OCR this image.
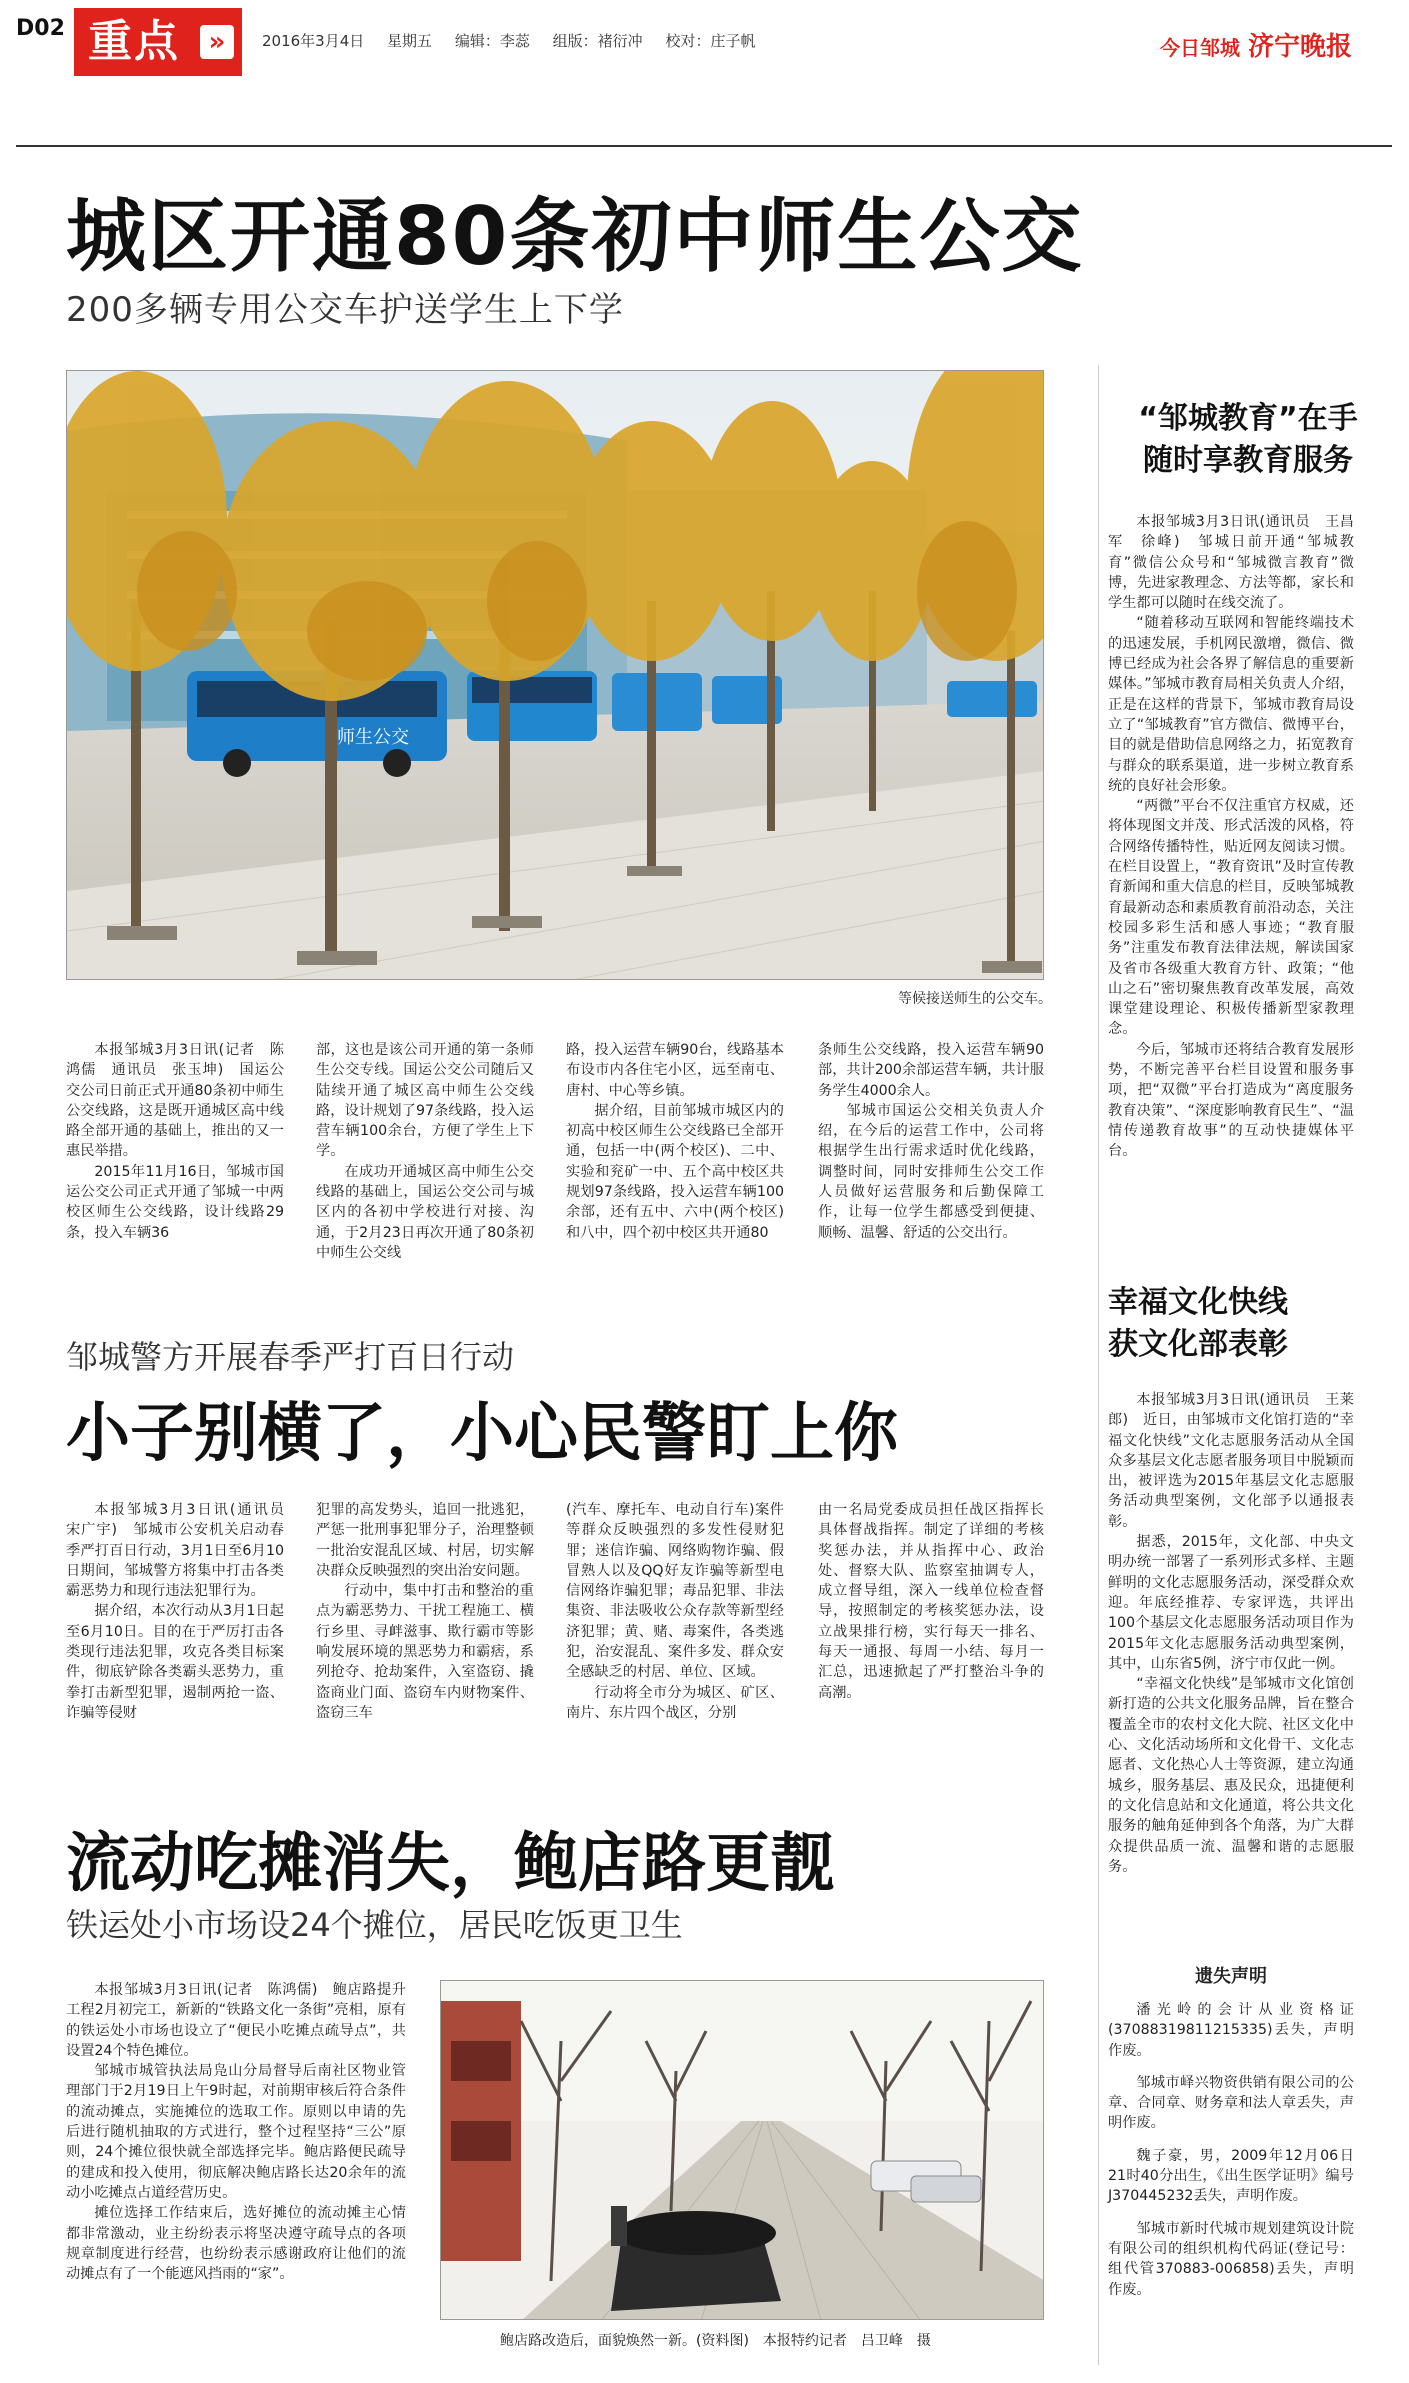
D02 重点	»	2016年3月4日 星期五 编辑：李蕊 组版：褚衍冲 校对：庄子帆	今日邹城 济宁晚报
城区开通80条初中师生公交
200多辆专用公交车护送学生上下学
师生公交
等候接送师生的公交车。

本报邹城3月3日讯(记者　陈鸿儒　通讯员　张玉坤)　国运公交公司日前正式开通80条初中师生公交线路，这是既开通城区高中线路全部开通的基础上，推出的又一惠民举措。

2015年11月16日，邹城市国运公交公司正式开通了邹城一中两校区师生公交线路，设计线路29条，投入车辆36

部，这也是该公司开通的第一条师生公交专线。国运公交公司随后又陆续开通了城区高中师生公交线路，设计规划了97条线路，投入运营车辆100余台，方便了学生上下学。

在成功开通城区高中师生公交线路的基础上，国运公交公司与城区内的各初中学校进行对接、沟通，于2月23日再次开通了80条初中师生公交线

路，投入运营车辆90台，线路基本布设市内各住宅小区，远至南屯、唐村、中心等乡镇。

据介绍，目前邹城市城区内的初高中校区师生公交线路已全部开通，包括一中(两个校区)、二中、实验和兖矿一中、五个高中校区共规划97条线路，投入运营车辆100余部，还有五中、六中(两个校区)和八中，四个初中校区共开通80

条师生公交线路，投入运营车辆90部，共计200余部运营车辆，共计服务学生4000余人。

邹城市国运公交相关负责人介绍，在今后的运营工作中，公司将根据学生出行需求适时优化线路，调整时间，同时安排师生公交工作人员做好运营服务和后勤保障工作，让每一位学生都感受到便捷、顺畅、温馨、舒适的公交出行。

邹城警方开展春季严打百日行动
小子别横了，小心民警盯上你

本报邹城3月3日讯(通讯员　宋广宇)　邹城市公安机关启动春季严打百日行动，3月1日至6月10日期间，邹城警方将集中打击各类霸恶势力和现行违法犯罪行为。

据介绍，本次行动从3月1日起至6月10日。目的在于严厉打击各类现行违法犯罪，攻克各类目标案件，彻底铲除各类霸头恶势力，重拳打击新型犯罪，遏制两抢一盗、诈骗等侵财

犯罪的高发势头，追回一批逃犯，严惩一批刑事犯罪分子，治理整顿一批治安混乱区域、村居，切实解决群众反映强烈的突出治安问题。

行动中，集中打击和整治的重点为霸恶势力、干扰工程施工、横行乡里、寻衅滋事、欺行霸市等影响发展环境的黑恶势力和霸痞，系列抢夺、抢劫案件，入室盗窃、撬盗商业门面、盗窃车内财物案件、盗窃三车

(汽车、摩托车、电动自行车)案件等群众反映强烈的多发性侵财犯罪；迷信诈骗、网络购物诈骗、假冒熟人以及QQ好友诈骗等新型电信网络诈骗犯罪；毒品犯罪、非法集资、非法吸收公众存款等新型经济犯罪；黄、赌、毒案件，各类逃犯，治安混乱、案件多发、群众安全感缺乏的村居、单位、区域。

行动将全市分为城区、矿区、南片、东片四个战区，分别

由一名局党委成员担任战区指挥长具体督战指挥。制定了详细的考核奖惩办法，并从指挥中心、政治处、督察大队、监察室抽调专人，成立督导组，深入一线单位检查督导，按照制定的考核奖惩办法，设立战果排行榜，实行每天一排名、每天一通报、每周一小结、每月一汇总，迅速掀起了严打整治斗争的高潮。

流动吃摊消失，鲍店路更靓
铁运处小市场设24个摊位，居民吃饭更卫生

本报邹城3月3日讯(记者　陈鸿儒)　鲍店路提升工程2月初完工，新新的“铁路文化一条街”亮相，原有的铁运处小市场也设立了“便民小吃摊点疏导点”，共设置24个特色摊位。

邹城市城管执法局凫山分局督导后南社区物业管理部门于2月19日上午9时起，对前期审核后符合条件的流动摊点，实施摊位的选取工作。原则以申请的先后进行随机抽取的方式进行，整个过程坚持“三公”原则，24个摊位很快就全部选择完毕。鲍店路便民疏导的建成和投入使用，彻底解决鲍店路长达20余年的流动小吃摊点占道经营历史。

摊位选择工作结束后，选好摊位的流动摊主心情都非常激动，业主纷纷表示将坚决遵守疏导点的各项规章制度进行经营，也纷纷表示感谢政府让他们的流动摊点有了一个能遮风挡雨的“家”。

鲍店路改造后，面貌焕然一新。(资料图)　本报特约记者　吕卫峰　摄
“邹城教育”在手
随时享教育服务

本报邹城3月3日讯(通讯员　王昌军　徐峰)　邹城日前开通“邹城教育”微信公众号和“邹城微言教育”微博，先进家教理念、方法等都，家长和学生都可以随时在线交流了。

“随着移动互联网和智能终端技术的迅速发展，手机网民激增，微信、微博已经成为社会各界了解信息的重要新媒体。”邹城市教育局相关负责人介绍，正是在这样的背景下，邹城市教育局设立了“邹城教育”官方微信、微博平台，目的就是借助信息网络之力，拓宽教育与群众的联系渠道，进一步树立教育系统的良好社会形象。

“两微”平台不仅注重官方权威，还将体现图文并茂、形式活泼的风格，符合网络传播特性，贴近网友阅读习惯。在栏目设置上，“教育资讯”及时宣传教育新闻和重大信息的栏目，反映邹城教育最新动态和素质教育前沿动态，关注校园多彩生活和感人事迹；“教育服务”注重发布教育法律法规，解读国家及省市各级重大教育方针、政策；“他山之石”密切聚焦教育改革发展，高效课堂建设理论、积极传播新型家教理念。

今后，邹城市还将结合教育发展形势，不断完善平台栏目设置和服务事项，把“双微”平台打造成为“离度服务教育决策”、“深度影响教育民生”、“温情传递教育故事”的互动快捷媒体平台。

幸福文化快线
获文化部表彰

本报邹城3月3日讯(通讯员　王莱郎)　近日，由邹城市文化馆打造的“幸福文化快线”文化志愿服务活动从全国众多基层文化志愿者服务项目中脱颖而出，被评选为2015年基层文化志愿服务活动典型案例，文化部予以通报表彰。

据悉，2015年，文化部、中央文明办统一部署了一系列形式多样、主题鲜明的文化志愿服务活动，深受群众欢迎。年底经推荐、专家评选，共评出100个基层文化志愿服务活动项目作为2015年文化志愿服务活动典型案例，其中，山东省5例，济宁市仅此一例。

“幸福文化快线”是邹城市文化馆创新打造的公共文化服务品牌，旨在整合覆盖全市的农村文化大院、社区文化中心、文化活动场所和文化骨干、文化志愿者、文化热心人士等资源，建立沟通城乡，服务基层、惠及民众，迅捷便利的文化信息站和文化通道，将公共文化服务的触角延伸到各个角落，为广大群众提供品质一流、温馨和谐的志愿服务。

遗失声明

潘光岭的会计从业资格证(37088319811215335)丢失，声明作废。

邹城市峄兴物资供销有限公司的公章、合同章、财务章和法人章丢失，声明作废。

魏子豪，男，2009年12月06日21时40分出生，《出生医学证明》编号J370445232丢失，声明作废。

邹城市新时代城市规划建筑设计院有限公司的组织机构代码证(登记号：组代管370883-006858)丢失，声明作废。
